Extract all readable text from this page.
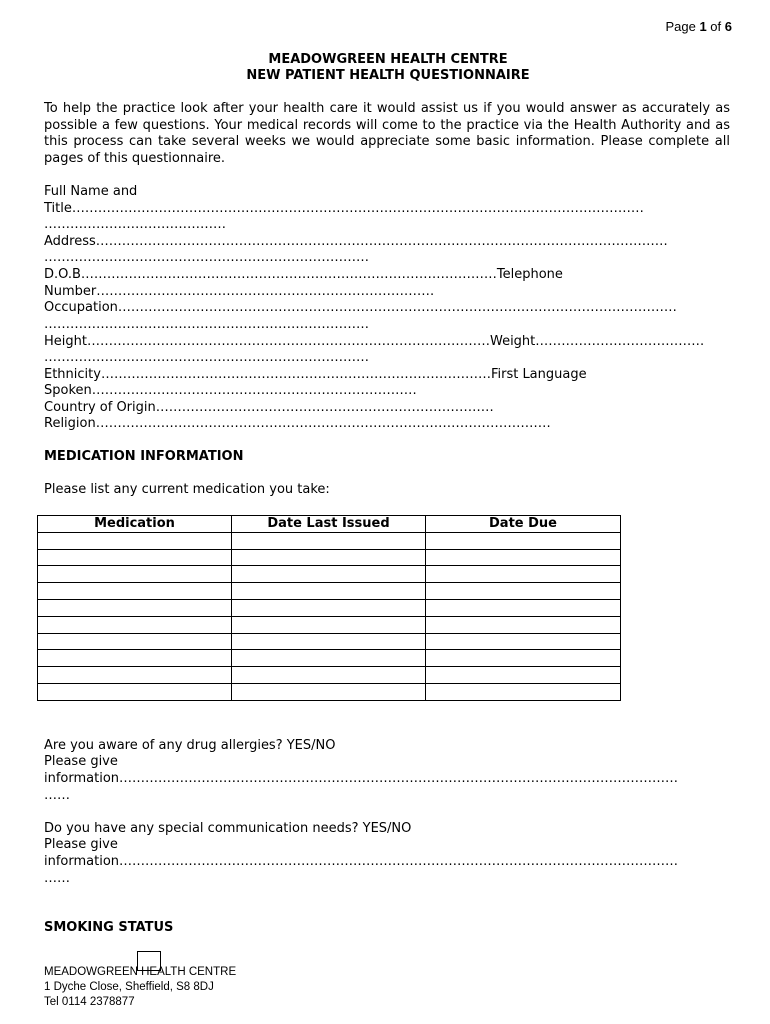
Page 1 of 6
MEADOWGREEN HEALTH CENTRE
NEW PATIENT HEALTH QUESTIONNAIRE
To help the practice look after your health care it would assist us if you would answer as accurately as possible a few questions. Your medical records will come to the practice via the Health Authority and as this process can take several weeks we would appreciate some basic information. Please complete all pages of this questionnaire.
Full Name and
Title……………………………………………………………………………………………………………………
……………………………………
Address……………………………………………………………………………………………………………………
…………………………………………………………………
D.O.B……………………………………………………………………………………Telephone
Number……………………………………………………………………
Occupation…………………………………………………………………………………………………………………
…………………………………………………………………
Height…………………………………………………………………………………Weight…………………………………
…………………………………………………………………
Ethnicity………………………………………………………………………………First Language
Spoken…………………………………………………………………
Country of Origin……………………………………………………………………
Religion……………………………………………………………………………………………
MEDICATION INFORMATION
Please list any current medication you take:
Medication	Date Last Issued	Date Due

Are you aware of any drug allergies? YES/NO
Please give
information…………………………………………………………………………………………………………………
……
Do you have any special communication needs? YES/NO
Please give
information…………………………………………………………………………………………………………………
……
SMOKING STATUS
MEADOWGREEN HEALTH CENTRE
1 Dyche Close, Sheffield, S8 8DJ
Tel 0114 2378877
